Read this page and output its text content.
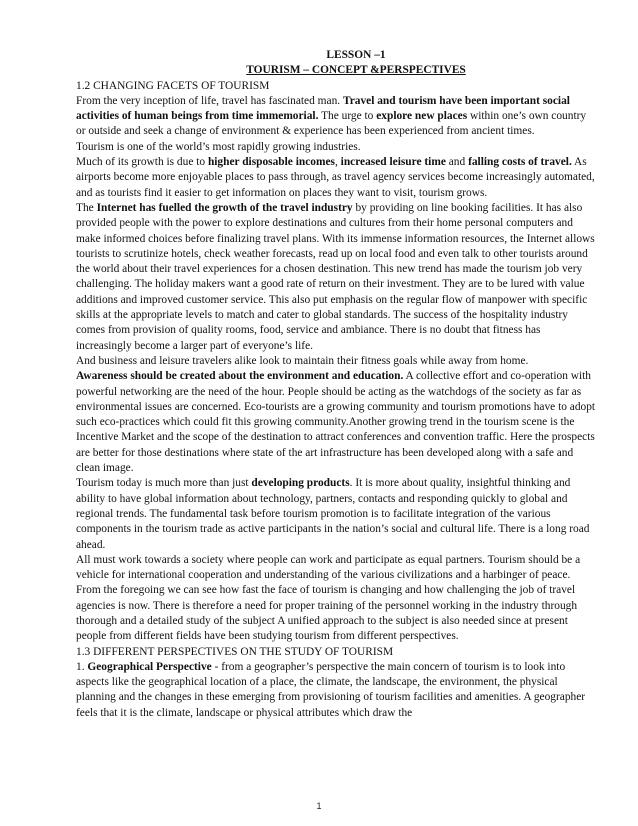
LESSON –1

TOURISM – CONCEPT &PERSPECTIVES

1.2 CHANGING FACETS OF TOURISM

From the very inception of life, travel has fascinated man. Travel and tourism have been important social activities of human beings from time immemorial. The urge to explore new places within one’s own country or outside and seek a change of environment & experience has been experienced from ancient times.

Tourism is one of the world’s most rapidly growing industries.

Much of its growth is due to higher disposable incomes, increased leisure time and falling costs of travel. As airports become more enjoyable places to pass through, as travel agency services become increasingly automated, and as tourists find it easier to get information on places they want to visit, tourism grows.

The Internet has fuelled the growth of the travel industry by providing on line booking facilities. It has also provided people with the power to explore destinations and cultures from their home personal computers and make informed choices before finalizing travel plans. With its immense information resources, the Internet allows tourists to scrutinize hotels, check weather forecasts, read up on local food and even talk to other tourists around the world about their travel experiences for a chosen destination. This new trend has made the tourism job very challenging. The holiday makers want a good rate of return on their investment. They are to be lured with value additions and improved customer service. This also put emphasis on the regular flow of manpower with specific skills at the appropriate levels to match and cater to global standards. The success of the hospitality industry comes from provision of quality rooms, food, service and ambiance. There is no doubt that fitness has increasingly become a larger part of everyone’s life.

And business and leisure travelers alike look to maintain their fitness goals while away from home.

Awareness should be created about the environment and education. A collective effort and co-operation with powerful networking are the need of the hour. People should be acting as the watchdogs of the society as far as environmental issues are concerned. Eco-tourists are a growing community and tourism promotions have to adopt such eco-practices which could fit this growing community.Another growing trend in the tourism scene is the Incentive Market and the scope of the destination to attract conferences and convention traffic. Here the prospects are better for those destinations where state of the art infrastructure has been developed along with a safe and clean image.

Tourism today is much more than just developing products. It is more about quality, insightful thinking and ability to have global information about technology, partners, contacts and responding quickly to global and regional trends. The fundamental task before tourism promotion is to facilitate integration of the various components in the tourism trade as active participants in the nation’s social and cultural life. There is a long road ahead.

All must work towards a society where people can work and participate as equal partners. Tourism should be a vehicle for international cooperation and understanding of the various civilizations and a harbinger of peace.

From the foregoing we can see how fast the face of tourism is changing and how challenging the job of travel agencies is now. There is therefore a need for proper training of the personnel working in the industry through thorough and a detailed study of the subject A unified approach to the subject is also needed since at present people from different fields have been studying tourism from different perspectives.

1.3 DIFFERENT PERSPECTIVES ON THE STUDY OF TOURISM

1. Geographical Perspective - from a geographer’s perspective the main concern of tourism is to look into aspects like the geographical location of a place, the climate, the landscape, the environment, the physical planning and the changes in these emerging from provisioning of tourism facilities and amenities. A geographer feels that it is the climate, landscape or physical attributes which draw the

1
